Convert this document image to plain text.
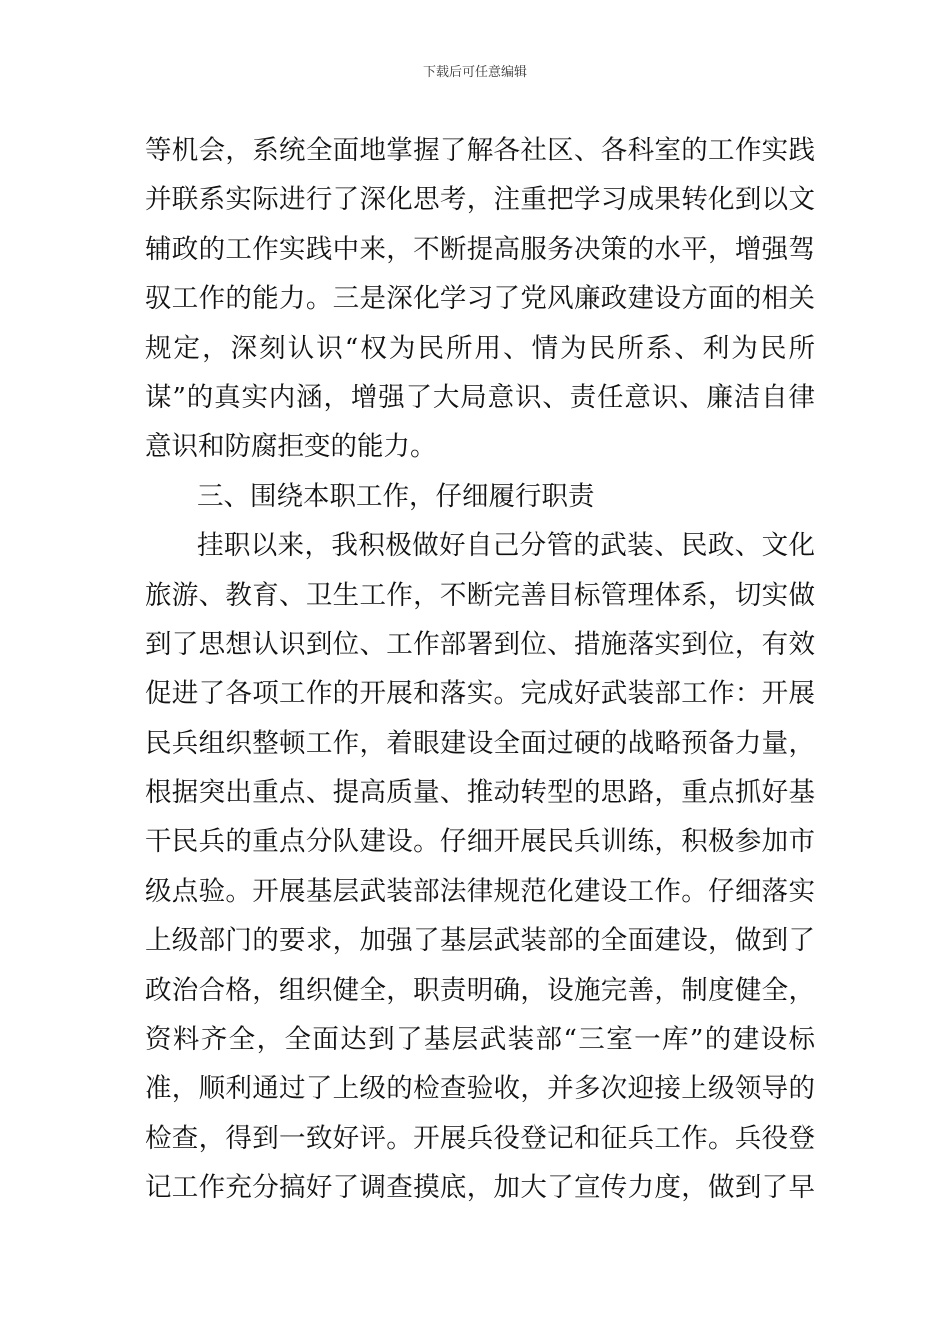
下载后可任意编辑
等机会，系统全面地掌握了解各社区、各科室的工作实践
并联系实际进行了深化思考，注重把学习成果转化到以文
辅政的工作实践中来，不断提高服务决策的水平，增强驾
驭工作的能力。三是深化学习了党风廉政建设方面的相关
规定，深刻认识“权为民所用、情为民所系、利为民所
谋”的真实内涵，增强了大局意识、责任意识、廉洁自律
意识和防腐拒变的能力。
三、围绕本职工作，仔细履行职责
挂职以来，我积极做好自己分管的武装、民政、文化
旅游、教育、卫生工作，不断完善目标管理体系，切实做
到了思想认识到位、工作部署到位、措施落实到位，有效
促进了各项工作的开展和落实。完成好武装部工作：开展
民兵组织整顿工作，着眼建设全面过硬的战略预备力量，
根据突出重点、提高质量、推动转型的思路，重点抓好基
干民兵的重点分队建设。仔细开展民兵训练，积极参加市
级点验。开展基层武装部法律规范化建设工作。仔细落实
上级部门的要求，加强了基层武装部的全面建设，做到了
政治合格，组织健全，职责明确，设施完善，制度健全，
资料齐全，全面达到了基层武装部“三室一库”的建设标
准，顺利通过了上级的检查验收，并多次迎接上级领导的
检查，得到一致好评。开展兵役登记和征兵工作。兵役登
记工作充分搞好了调查摸底，加大了宣传力度，做到了早
